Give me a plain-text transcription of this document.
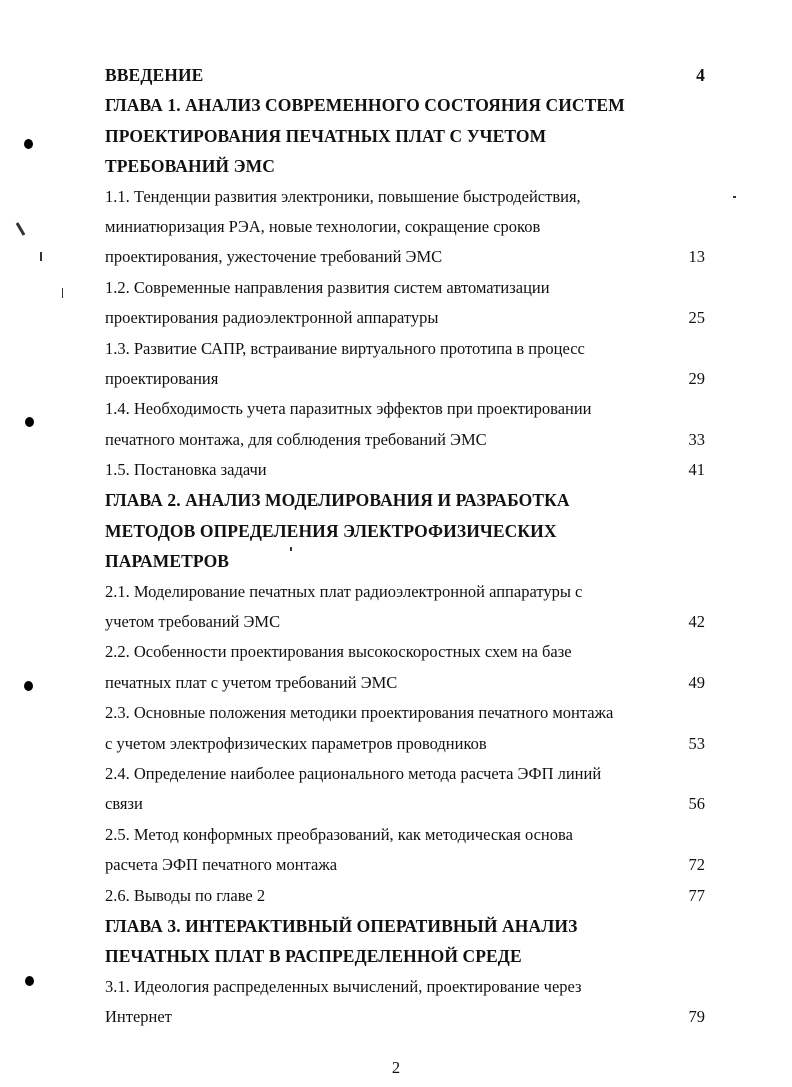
ВВЕДЕНИЕ	4
ГЛАВА 1. АНАЛИЗ СОВРЕМЕННОГО СОСТОЯНИЯ СИСТЕМ
ПРОЕКТИРОВАНИЯ ПЕЧАТНЫХ ПЛАТ С УЧЕТОМ
ТРЕБОВАНИЙ ЭМС
1.1. Тенденции развития электроники, повышение быстродействия,
миниатюризация РЭА, новые технологии, сокращение сроков
проектирования, ужесточение требований ЭМС	13
1.2. Современные направления развития систем автоматизации
проектирования радиоэлектронной аппаратуры	25
1.3. Развитие САПР, встраивание виртуального прототипа в процесс
проектирования	29
1.4. Необходимость учета паразитных эффектов при проектировании
печатного монтажа, для соблюдения требований ЭМС	33
1.5. Постановка задачи	41
ГЛАВА 2. АНАЛИЗ МОДЕЛИРОВАНИЯ И РАЗРАБОТКА
МЕТОДОВ ОПРЕДЕЛЕНИЯ ЭЛЕКТРОФИЗИЧЕСКИХ
ПАРАМЕТРОВ
2.1. Моделирование печатных плат радиоэлектронной аппаратуры с
учетом требований ЭМС	42
2.2. Особенности проектирования высокоскоростных схем на базе
печатных плат с учетом требований ЭМС	49
2.3. Основные положения методики проектирования печатного монтажа
с учетом электрофизических параметров проводников	53
2.4. Определение наиболее рационального метода расчета ЭФП линий
связи	56
2.5. Метод конформных преобразований, как методическая основа
расчета ЭФП печатного монтажа	72
2.6. Выводы по главе 2	77
ГЛАВА 3. ИНТЕРАКТИВНЫЙ ОПЕРАТИВНЫЙ АНАЛИЗ
ПЕЧАТНЫХ ПЛАТ В РАСПРЕДЕЛЕННОЙ СРЕДЕ
3.1. Идеология распределенных вычислений, проектирование через
Интернет	79
2
